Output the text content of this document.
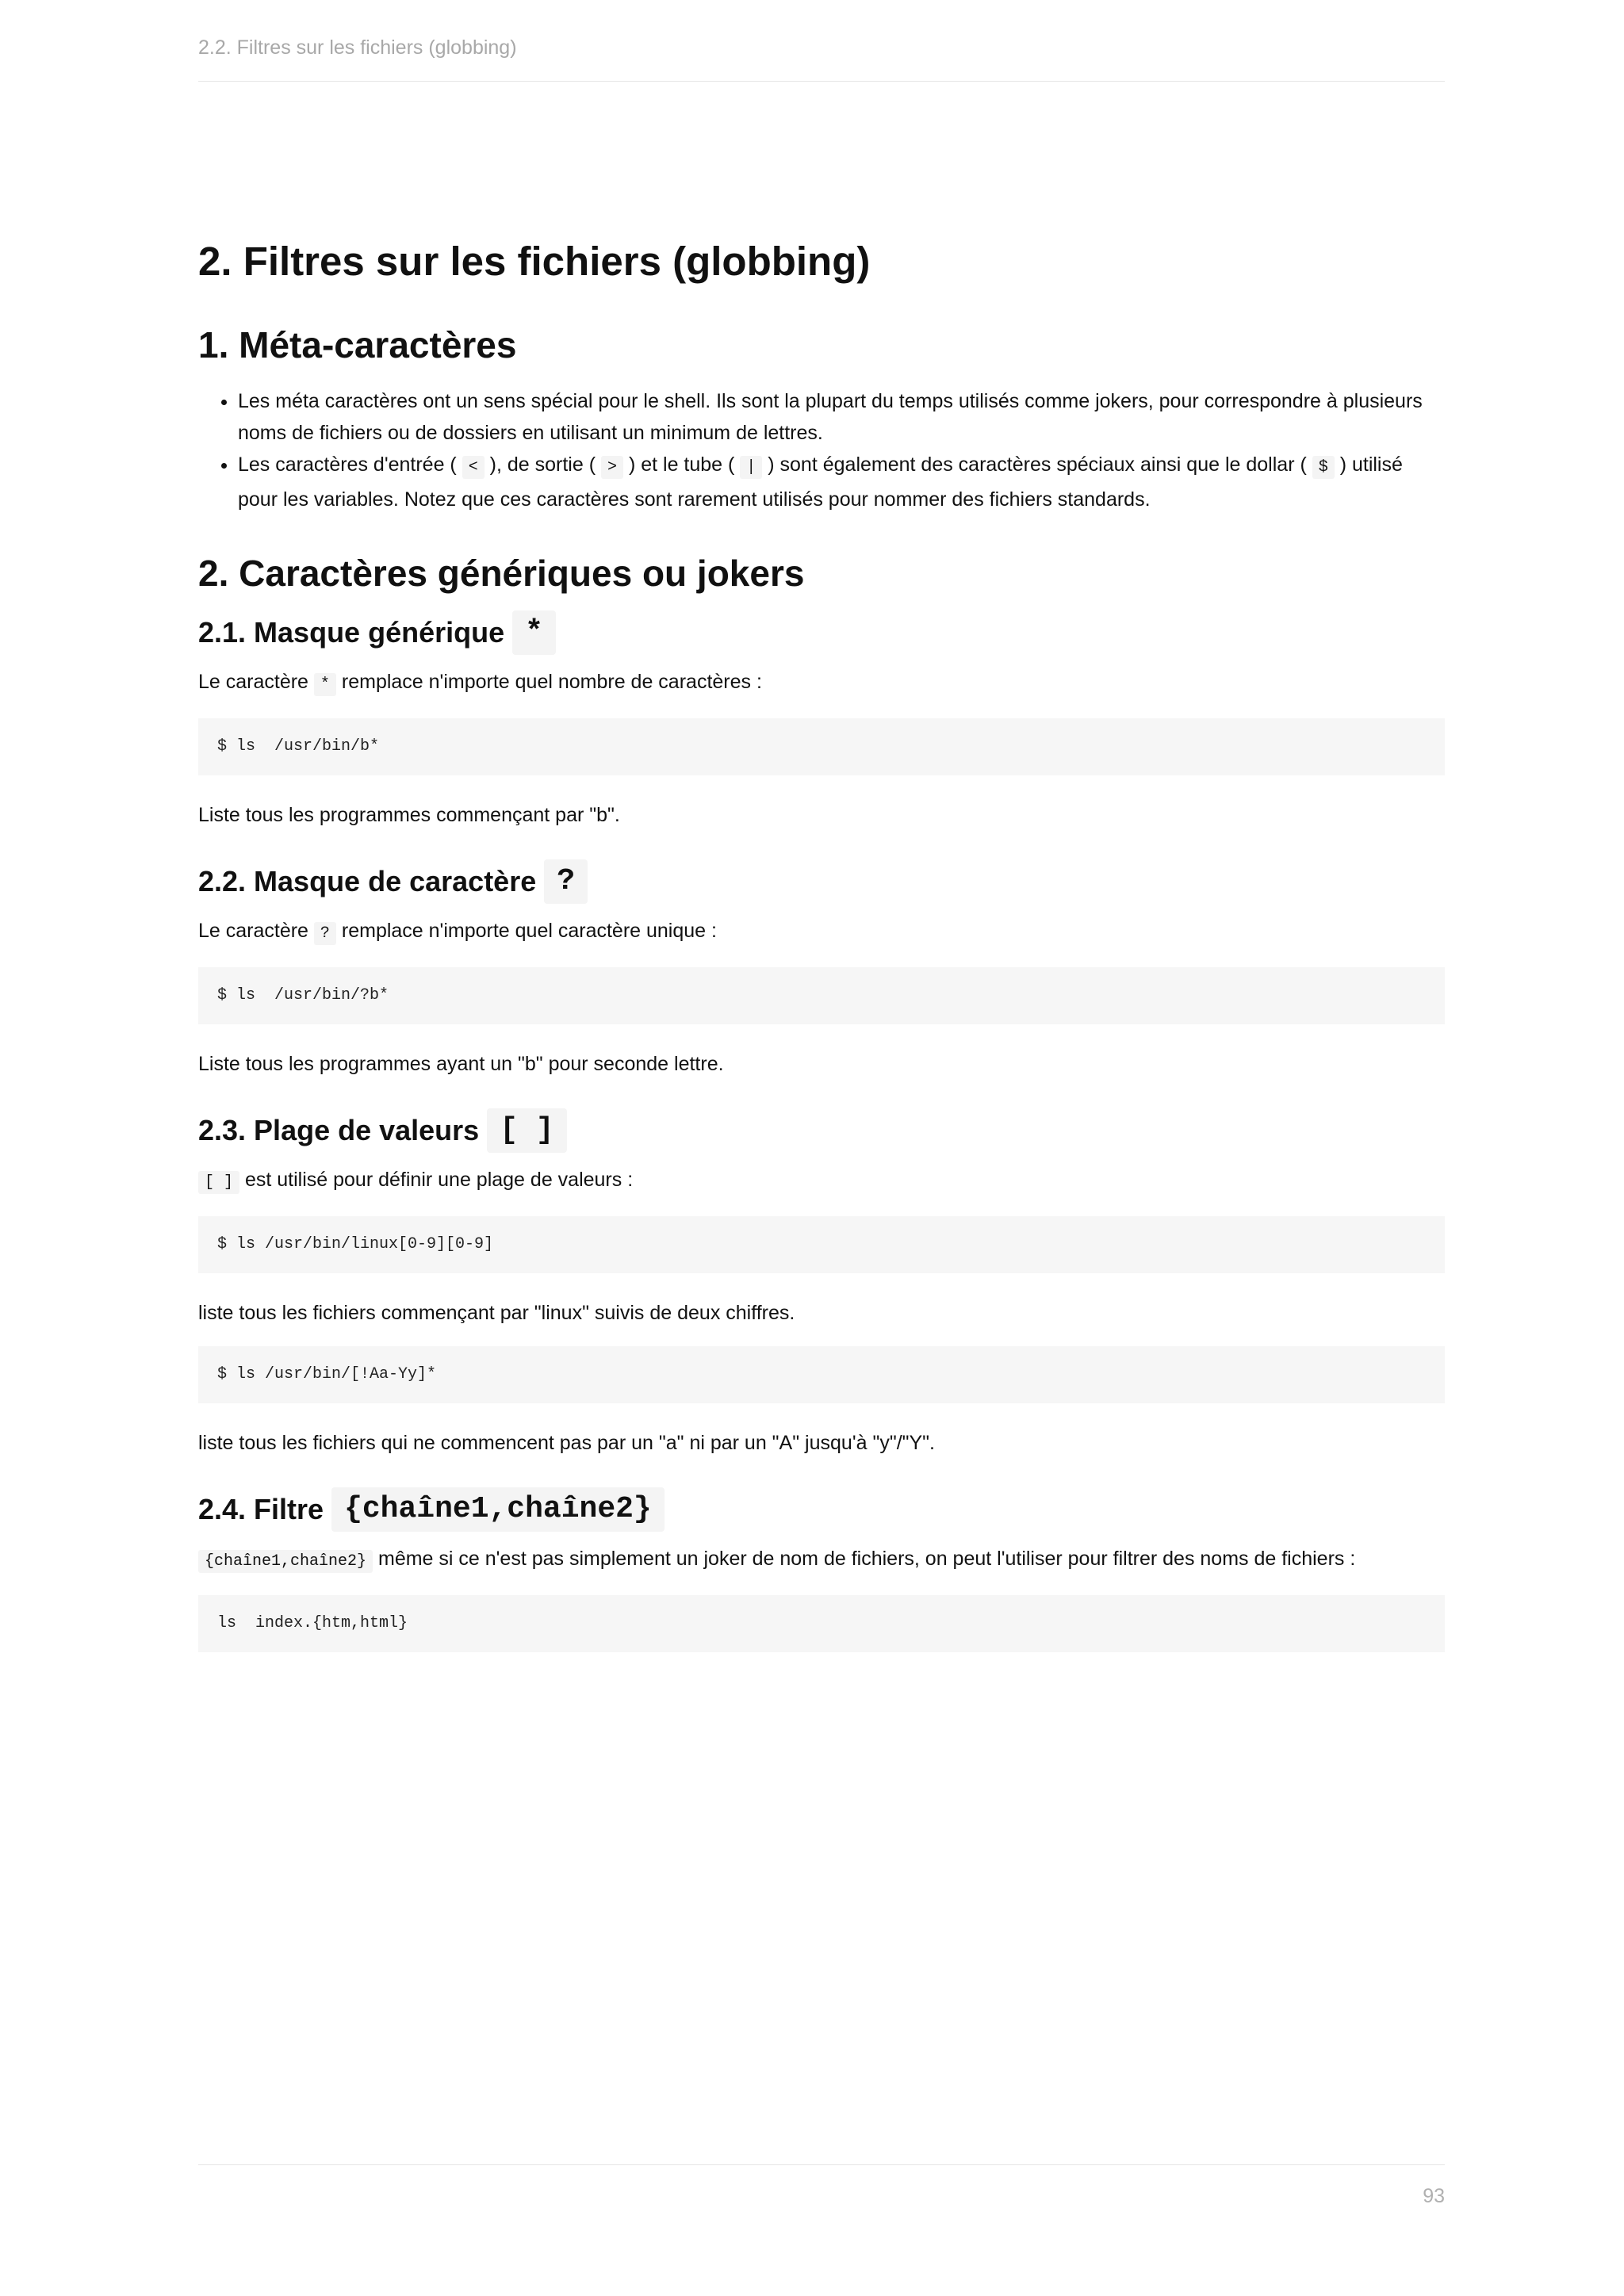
2.2. Filtres sur les fichiers (globbing)
2. Filtres sur les fichiers (globbing)
1. Méta-caractères
• Les méta caractères ont un sens spécial pour le shell. Ils sont la plupart du temps utilisés comme jokers, pour correspondre à plusieurs noms de fichiers ou de dossiers en utilisant un minimum de lettres.
• Les caractères d'entrée ( < ), de sortie ( > ) et le tube ( | ) sont également des caractères spéciaux ainsi que le dollar ( $ ) utilisé pour les variables. Notez que ces caractères sont rarement utilisés pour nommer des fichiers standards.
2. Caractères génériques ou jokers
2.1. Masque générique *

Le caractère * remplace n'importe quel nombre de caractères :

$ ls  /usr/bin/b*

Liste tous les programmes commençant par "b".

2.2. Masque de caractère ?

Le caractère ? remplace n'importe quel caractère unique :

$ ls  /usr/bin/?b*

Liste tous les programmes ayant un "b" pour seconde lettre.

2.3. Plage de valeurs [ ]

[ ] est utilisé pour définir une plage de valeurs :

$ ls /usr/bin/linux[0-9][0-9]

liste tous les fichiers commençant par "linux" suivis de deux chiffres.

$ ls /usr/bin/[!Aa-Yy]*

liste tous les fichiers qui ne commencent pas par un "a" ni par un "A" jusqu'à "y"/"Y".

2.4. Filtre {chaîne1,chaîne2}

{chaîne1,chaîne2} même si ce n'est pas simplement un joker de nom de fichiers, on peut l'utiliser pour filtrer des noms de fichiers :

ls  index.{htm,html}
93
